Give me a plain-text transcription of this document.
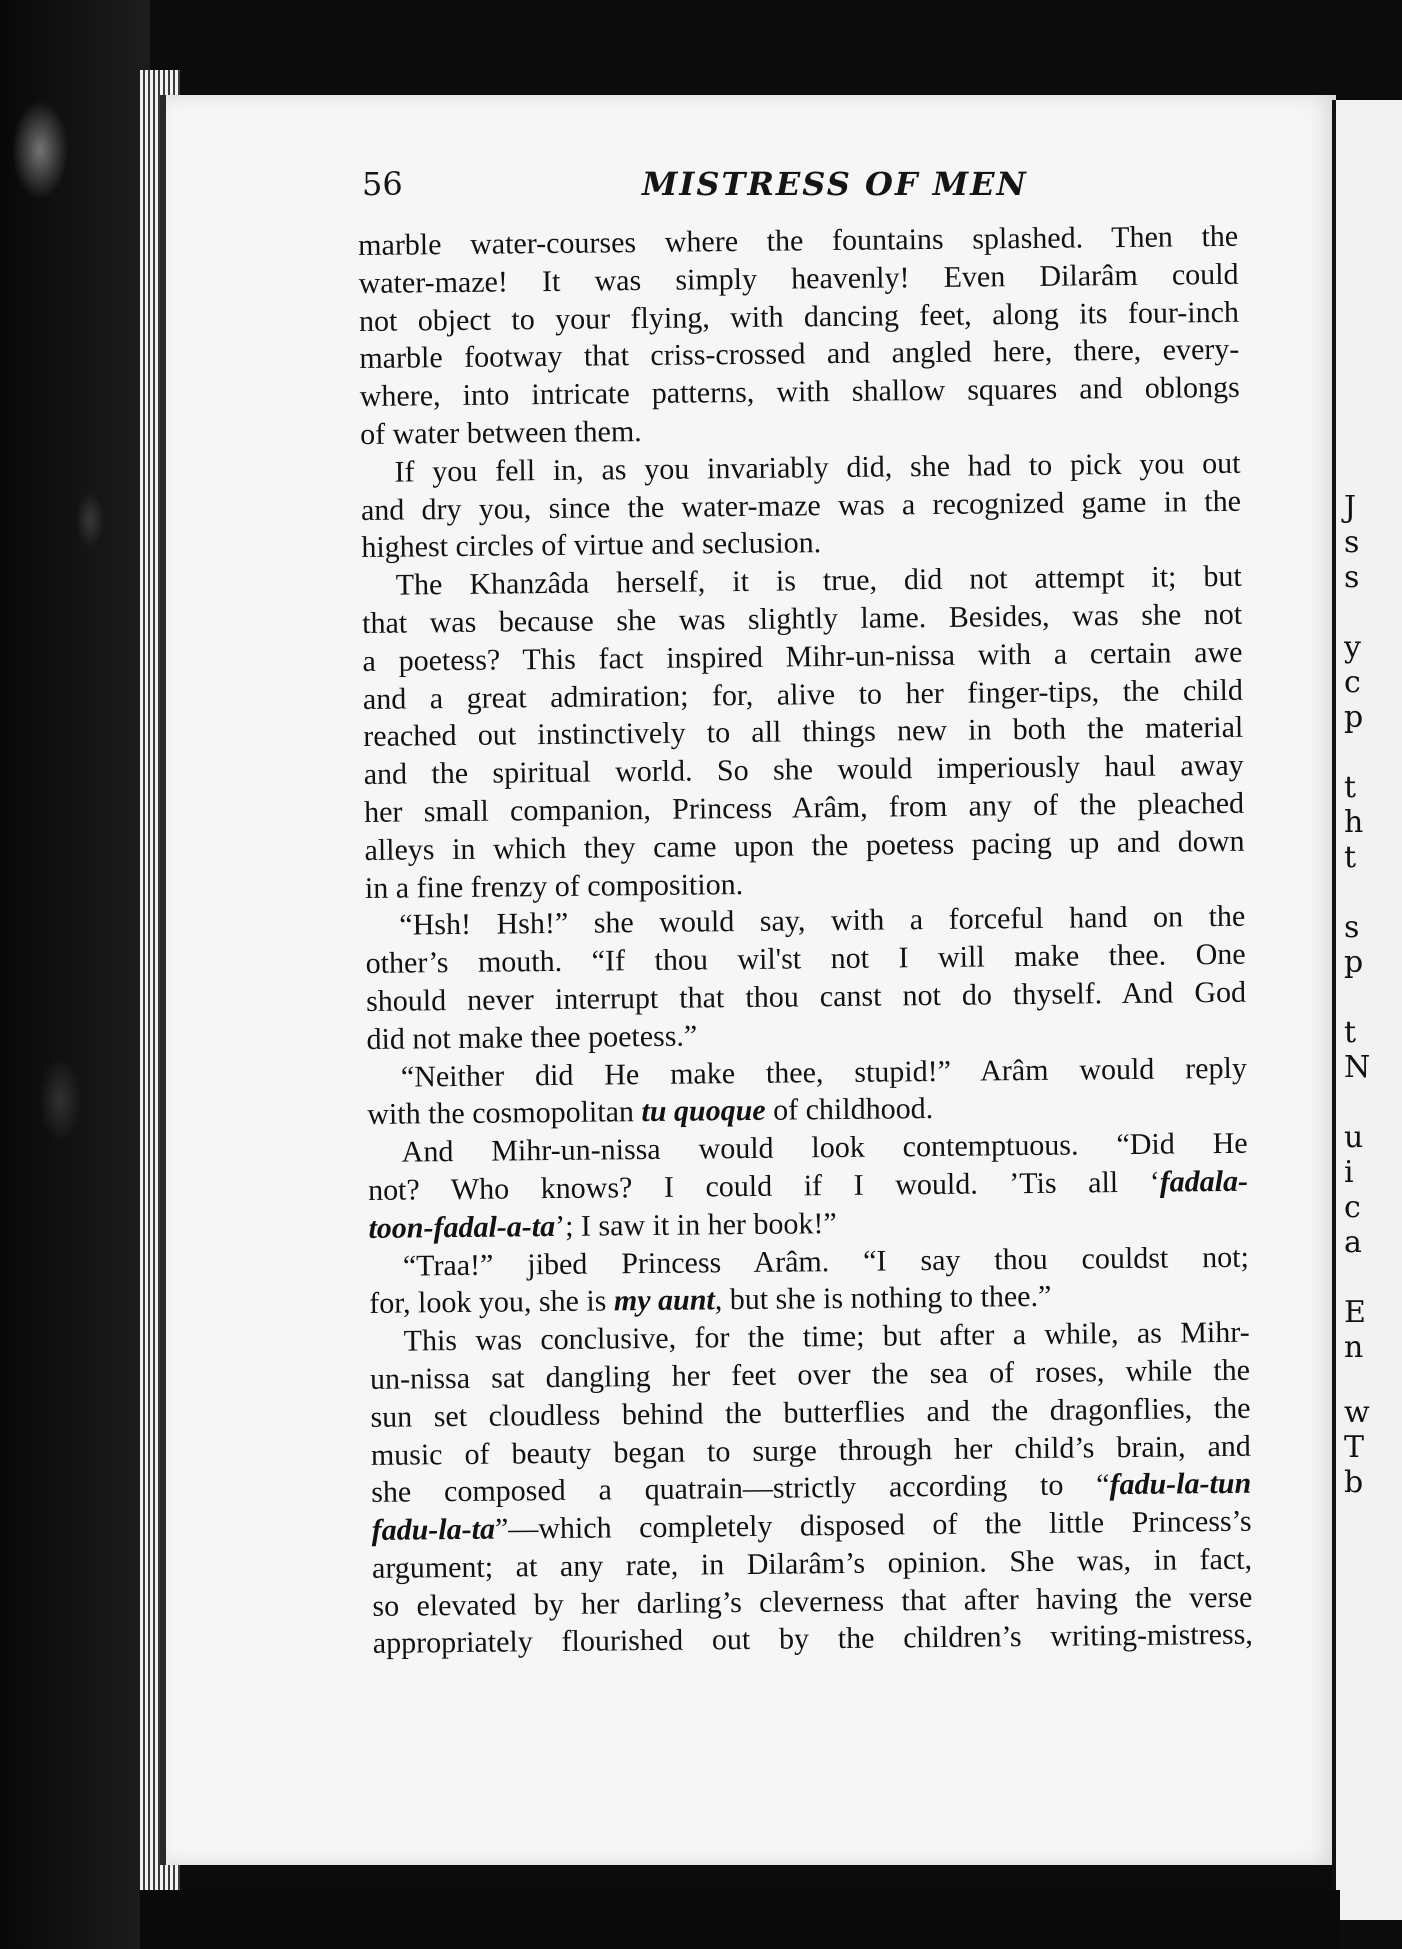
J
s
s
y
c
p
t
h
t
s
p
t
N
u
i
c
a
E
n
w
T
b
56	MISTRESS OF MEN
marble water-courses where the fountains splashed. Then the
water-maze! It was simply heavenly! Even Dilarâm could
not object to your flying, with dancing feet, along its four-inch
marble footway that criss-crossed and angled here, there, every-
where, into intricate patterns, with shallow squares and oblongs
of water between them.
If you fell in, as you invariably did, she had to pick you out
and dry you, since the water-maze was a recognized game in the
highest circles of virtue and seclusion.
The Khanzâda herself, it is true, did not attempt it; but
that was because she was slightly lame. Besides, was she not
a poetess? This fact inspired Mihr-un-nissa with a certain awe
and a great admiration; for, alive to her finger-tips, the child
reached out instinctively to all things new in both the material
and the spiritual world. So she would imperiously haul away
her small companion, Princess Arâm, from any of the pleached
alleys in which they came upon the poetess pacing up and down
in a fine frenzy of composition.
“Hsh! Hsh!” she would say, with a forceful hand on the
other’s mouth. “If thou wil'st not I will make thee. One
should never interrupt that thou canst not do thyself. And God
did not make thee poetess.”
“Neither did He make thee, stupid!” Arâm would reply
with the cosmopolitan tu quoque of childhood.
And Mihr-un-nissa would look contemptuous. “Did He
not? Who knows? I could if I would. ’Tis all ‘fadala-
toon-fadal-a-ta’; I saw it in her book!”
“Traa!” jibed Princess Arâm. “I say thou couldst not;
for, look you, she is my aunt, but she is nothing to thee.”
This was conclusive, for the time; but after a while, as Mihr-
un-nissa sat dangling her feet over the sea of roses, while the
sun set cloudless behind the butterflies and the dragonflies, the
music of beauty began to surge through her child’s brain, and
she composed a quatrain—strictly according to “fadu-la-tun
fadu-la-ta”—which completely disposed of the little Princess’s
argument; at any rate, in Dilarâm’s opinion. She was, in fact,
so elevated by her darling’s cleverness that after having the verse
appropriately flourished out by the children’s writing-mistress,
